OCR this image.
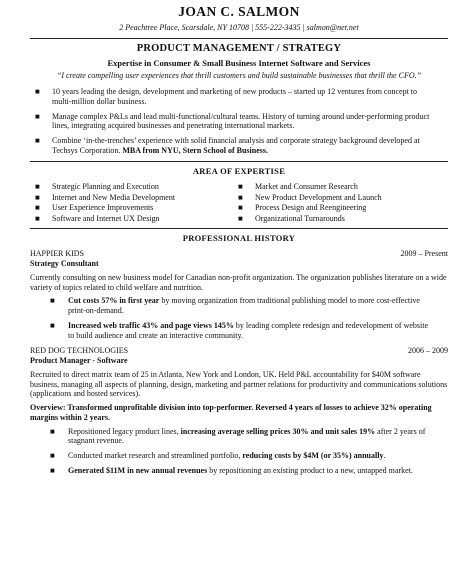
JOAN C. SALMON
2 Peachtree Place, Scarsdale, NY 10708 | 555-222-3435 | salmon@net.net
PRODUCT MANAGEMENT / STRATEGY
Expertise in Consumer & Small Business Internet Software and Services
“I create compelling user experiences that thrill customers and build sustainable businesses that thrill the CFO.”
■ 10 years leading the design, development and marketing of new products – started up 12 ventures from concept to multi-million dollar business.
■ Manage complex P&Ls and lead multi-functional/cultural teams. History of turning around under-performing product lines, integrating acquired businesses and penetrating international markets.
■ Combine ‘in-the-trenches’ experience with solid financial analysis and corporate strategy background developed at Techsys Corporation. MBA from NYU, Stern School of Business.
AREA OF EXPERTISE
■ Strategic Planning and Execution
■ Internet and New Media Development
■ User Experience Improvements
■ Software and Internet UX Design
■ Market and Consumer Research
■ New Product Development and Launch
■ Process Design and Reengineering
■ Organizational Turnarounds
PROFESSIONAL HISTORY
HAPPIER KIDS	2009 – Present
Strategy Consultant
Currently consulting on new business model for Canadian non-profit organization. The organization publishes literature on a wide variety of topics related to child welfare and nutrition.
■ Cut costs 57% in first year by moving organization from traditional publishing model to more cost-effective print-on-demand.
■ Increased web traffic 43% and page views 145% by leading complete redesign and redevelopment of website to build audience and create an interactive community.
RED DOG TECHNOLOGIES	2006 – 2009
Product Manager - Software
Recruited to direct matrix team of 25 in Atlanta, New York and London, UK. Held P&L accountability for $40M software business, managing all aspects of planning, design, marketing and partner relations for productivity and communications solutions (applications and hosted services).
Overview: Transformed unprofitable division into top-performer. Reversed 4 years of losses to achieve 32% operating margins within 2 years.
■ Repositioned legacy product lines, increasing average selling prices 30% and unit sales 19% after 2 years of stagnant revenue.
■ Conducted market research and streamlined portfolio, reducing costs by $4M (or 35%) annually.
■ Generated $11M in new annual revenues by repositioning an existing product to a new, untapped market.
